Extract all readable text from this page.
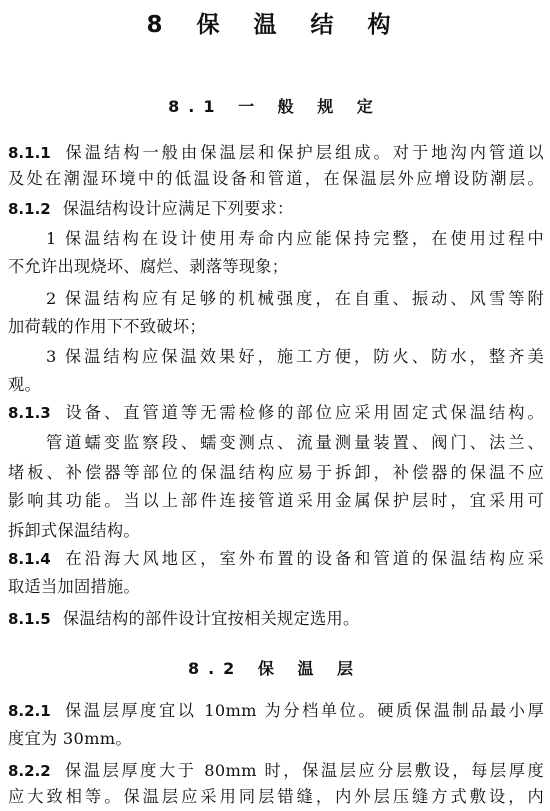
8 保 温 结 构
8.1 一 般 规 定
8.1.1 保温结构一般由保温层和保护层组成。对于地沟内管道以
及处在潮湿环境中的低温设备和管道，在保温层外应增设防潮层。
8.1.2 保温结构设计应满足下列要求：
1 保温结构在设计使用寿命内应能保持完整，在使用过程中
不允许出现烧坏、腐烂、剥落等现象；
2 保温结构应有足够的机械强度，在自重、振动、风雪等附
加荷载的作用下不致破坏；
3 保温结构应保温效果好，施工方便，防火、防水，整齐美
观。
8.1.3 设备、直管道等无需检修的部位应采用固定式保温结构。
管道蠕变监察段、蠕变测点、流量测量装置、阀门、法兰、
堵板、补偿器等部位的保温结构应易于拆卸，补偿器的保温不应
影响其功能。当以上部件连接管道采用金属保护层时，宜采用可
拆卸式保温结构。
8.1.4 在沿海大风地区，室外布置的设备和管道的保温结构应采
取适当加固措施。
8.1.5 保温结构的部件设计宜按相关规定选用。
8.2 保 温 层
8.2.1 保温层厚度宜以 10mm 为分档单位。硬质保温制品最小厚
度宜为 30mm。
8.2.2 保温层厚度大于 80mm 时，保温层应分层敷设，每层厚度
应大致相等。保温层应采用同层错缝，内外层压缝方式敷设，内
